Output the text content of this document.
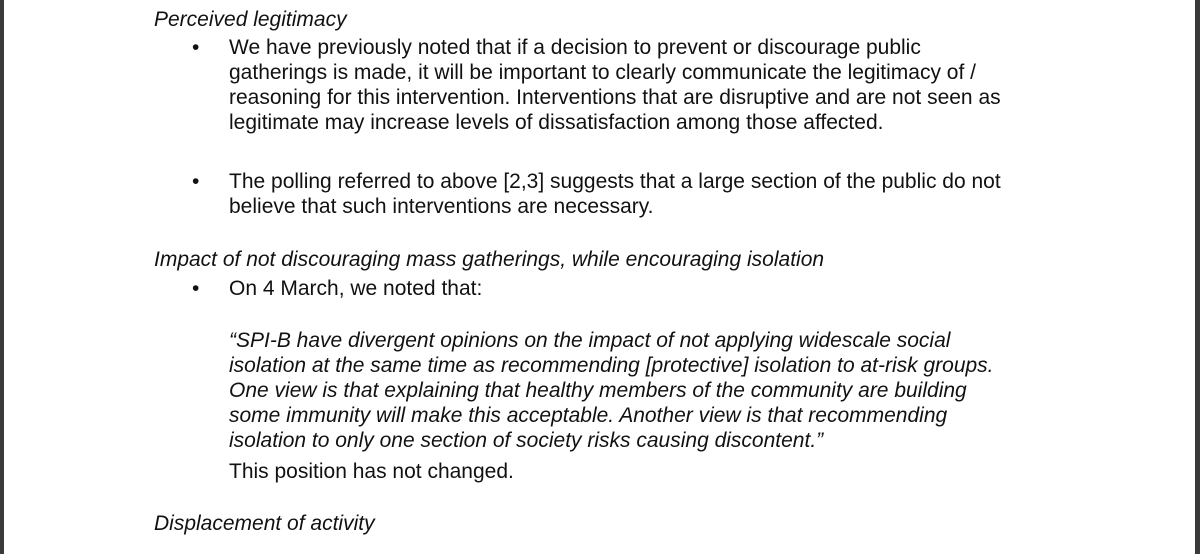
Perceived legitimacy
• We have previously noted that if a decision to prevent or discourage public
gatherings is made, it will be important to clearly communicate the legitimacy of /
reasoning for this intervention. Interventions that are disruptive and are not seen as
legitimate may increase levels of dissatisfaction among those affected.
• The polling referred to above [2,3] suggests that a large section of the public do not
believe that such interventions are necessary.
Impact of not discouraging mass gatherings, while encouraging isolation
• On 4 March, we noted that:
“SPI-B have divergent opinions on the impact of not applying widescale social
isolation at the same time as recommending [protective] isolation to at-risk groups.
One view is that explaining that healthy members of the community are building
some immunity will make this acceptable. Another view is that recommending
isolation to only one section of society risks causing discontent.”
This position has not changed.
Displacement of activity
